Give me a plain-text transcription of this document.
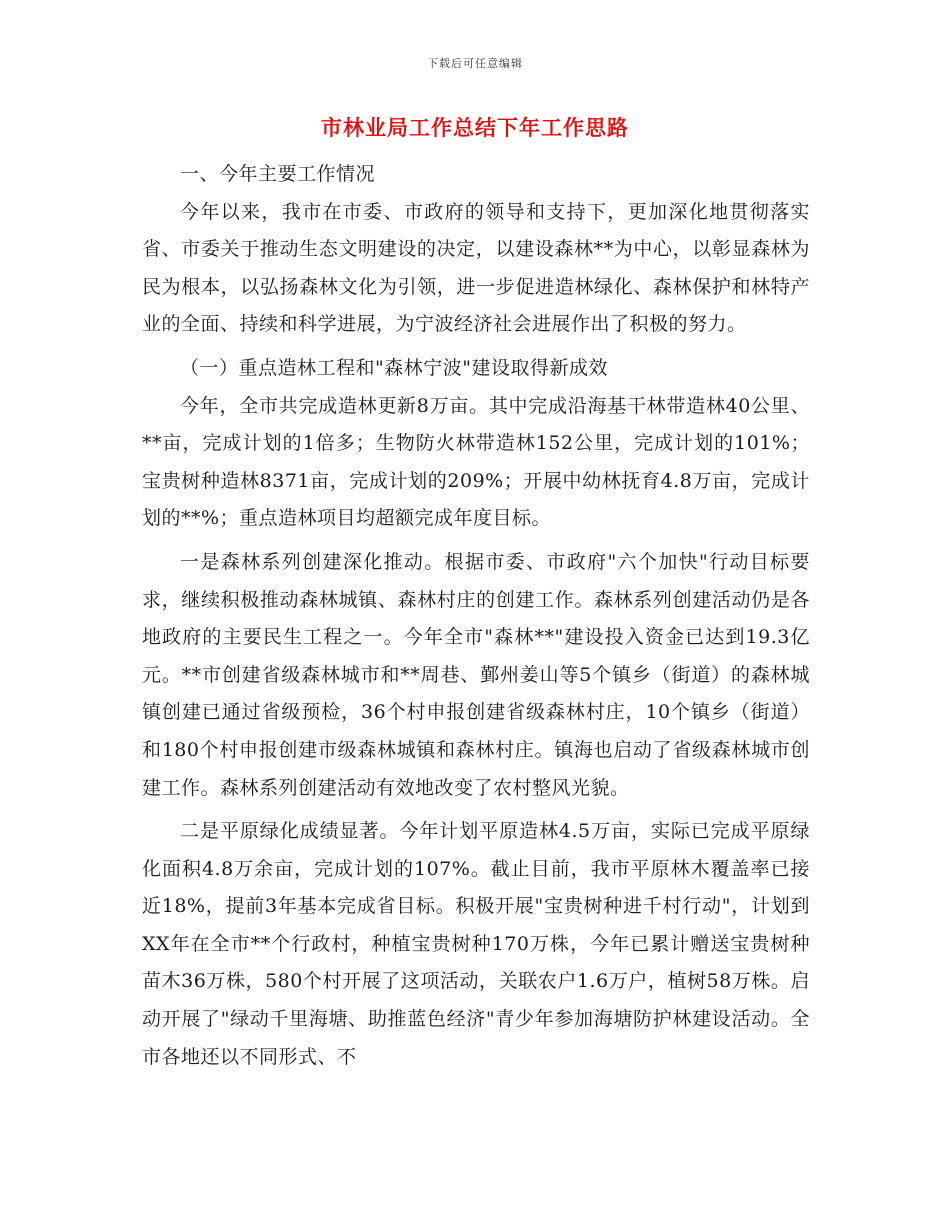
下载后可任意编辑
市林业局工作总结下年工作思路

一、今年主要工作情况

今年以来，我市在市委、市政府的领导和支持下，更加深化地贯彻落实省、市委关于推动生态文明建设的决定，以建设森林**为中心，以彰显森林为民为根本，以弘扬森林文化为引领，进一步促进造林绿化、森林保护和林特产业的全面、持续和科学进展，为宁波经济社会进展作出了积极的努力。

（一）重点造林工程和"森林宁波"建设取得新成效

今年，全市共完成造林更新8万亩。其中完成沿海基干林带造林40公里、**亩，完成计划的1倍多；生物防火林带造林152公里，完成计划的101%；宝贵树种造林8371亩，完成计划的209%；开展中幼林抚育4.8万亩，完成计划的**%；重点造林项目均超额完成年度目标。

一是森林系列创建深化推动。根据市委、市政府"六个加快"行动目标要求，继续积极推动森林城镇、森林村庄的创建工作。森林系列创建活动仍是各地政府的主要民生工程之一。今年全市"森林**"建设投入资金已达到19.3亿元。**市创建省级森林城市和**周巷、鄞州姜山等5个镇乡（街道）的森林城镇创建已通过省级预检，36个村申报创建省级森林村庄，10个镇乡（街道）和180个村申报创建市级森林城镇和森林村庄。镇海也启动了省级森林城市创建工作。森林系列创建活动有效地改变了农村整风光貌。

二是平原绿化成绩显著。今年计划平原造林4.5万亩，实际已完成平原绿化面积4.8万余亩，完成计划的107%。截止目前，我市平原林木覆盖率已接近18%，提前3年基本完成省目标。积极开展"宝贵树种进千村行动"，计划到XX年在全市**个行政村，种植宝贵树种170万株，今年已累计赠送宝贵树种苗木36万株，580个村开展了这项活动，关联农户1.6万户，植树58万株。启动开展了"绿动千里海塘、助推蓝色经济"青少年参加海塘防护林建设活动。全市各地还以不同形式、不
